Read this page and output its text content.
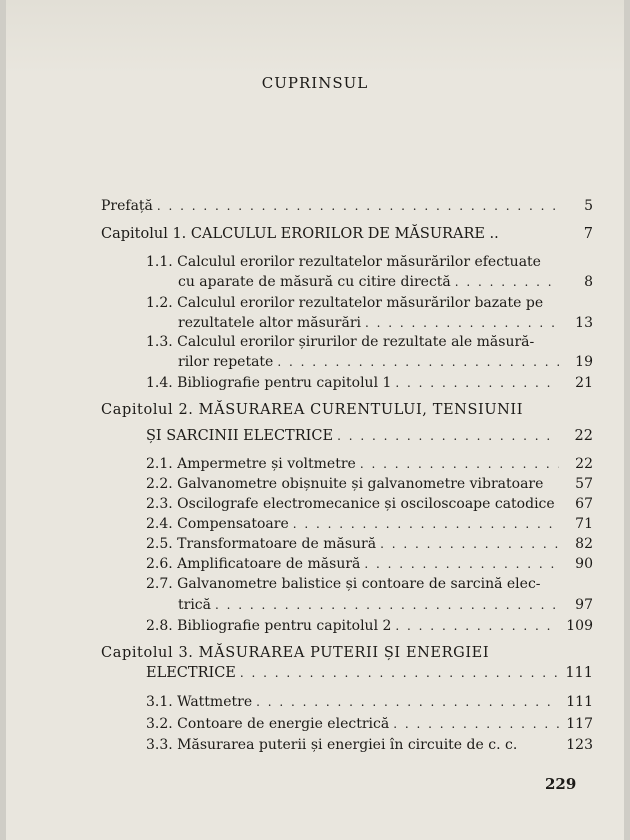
CUPRINSUL
Prefață . . .	5
Capitolul 1. CALCULUL ERORILOR DE MĂSURARE ..	7
1.1. Calculul erorilor rezultatelor măsurărilor efectuate
cu aparate de măsură cu citire directă . . .	8
1.2. Calculul erorilor rezultatelor măsurărilor bazate pe
rezultatele altor măsurări . . .	13
1.3. Calculul erorilor șirurilor de rezultate ale măsură-
rilor repetate . . .	19
1.4. Bibliografie pentru capitolul 1 . . .	21
Capitolul 2. MĂSURAREA CURENTULUI, TENSIUNII
ȘI SARCINII ELECTRICE . . .	22
2.1. Ampermetre și voltmetre . . .	22
2.2. Galvanometre obișnuite și galvanometre vibratoare	57
2.3. Oscilografe electromecanice și osciloscoape catodice	67
2.4. Compensatoare . . .	71
2.5. Transformatoare de măsură . . .	82
2.6. Amplificatoare de măsură . . .	90
2.7. Galvanometre balistice și contoare de sarcină elec-
trică . . .	97
2.8. Bibliografie pentru capitolul 2 . . .	109
Capitolul 3. MĂSURAREA PUTERII ȘI ENERGIEI
ELECTRICE . . .	111
3.1. Wattmetre . . .	111
3.2. Contoare de energie electrică . . .	117
3.3. Măsurarea puterii și energiei în circuite de c. c.	123
229
